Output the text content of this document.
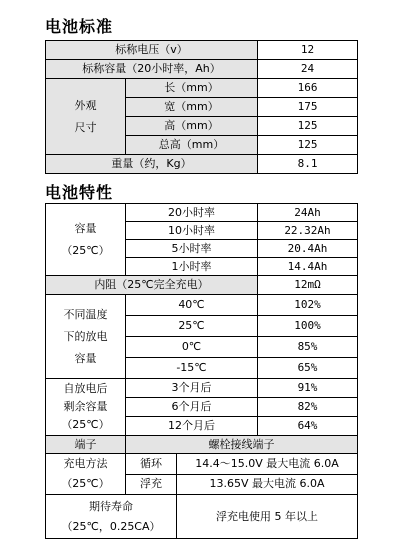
电池标准
标称电压（v）		12
标称容量（20小时率，Ah）		24

外观
尺寸	长（mm）	166
	宽（mm）	175
	高（mm）	125
	总高（mm）	125
重量（约，Kg）		8.1
电池特性
容量
（25℃）	20小时率		24Ah
	10小时率		22.32Ah
	5小时率		20.4Ah
	1小时率		14.4Ah
内阻（25℃完全充电）			12mΩ

不同温度
下的放电
容量	40℃		102%
	25℃		100%
	0℃		85%
	-15℃		65%

自放电后
剩余容量
（25℃）	3个月后		91%
	6个月后		82%
	12个月后		64%
端子	螺栓接线端子		

充电方法
（25℃）	循环	14.4～15.0V 最大电流 6.0A	
	浮充	13.65V 最大电流 6.0A	

期待寿命
（25℃，0.25CA）		浮充电使用 5 年以上	
